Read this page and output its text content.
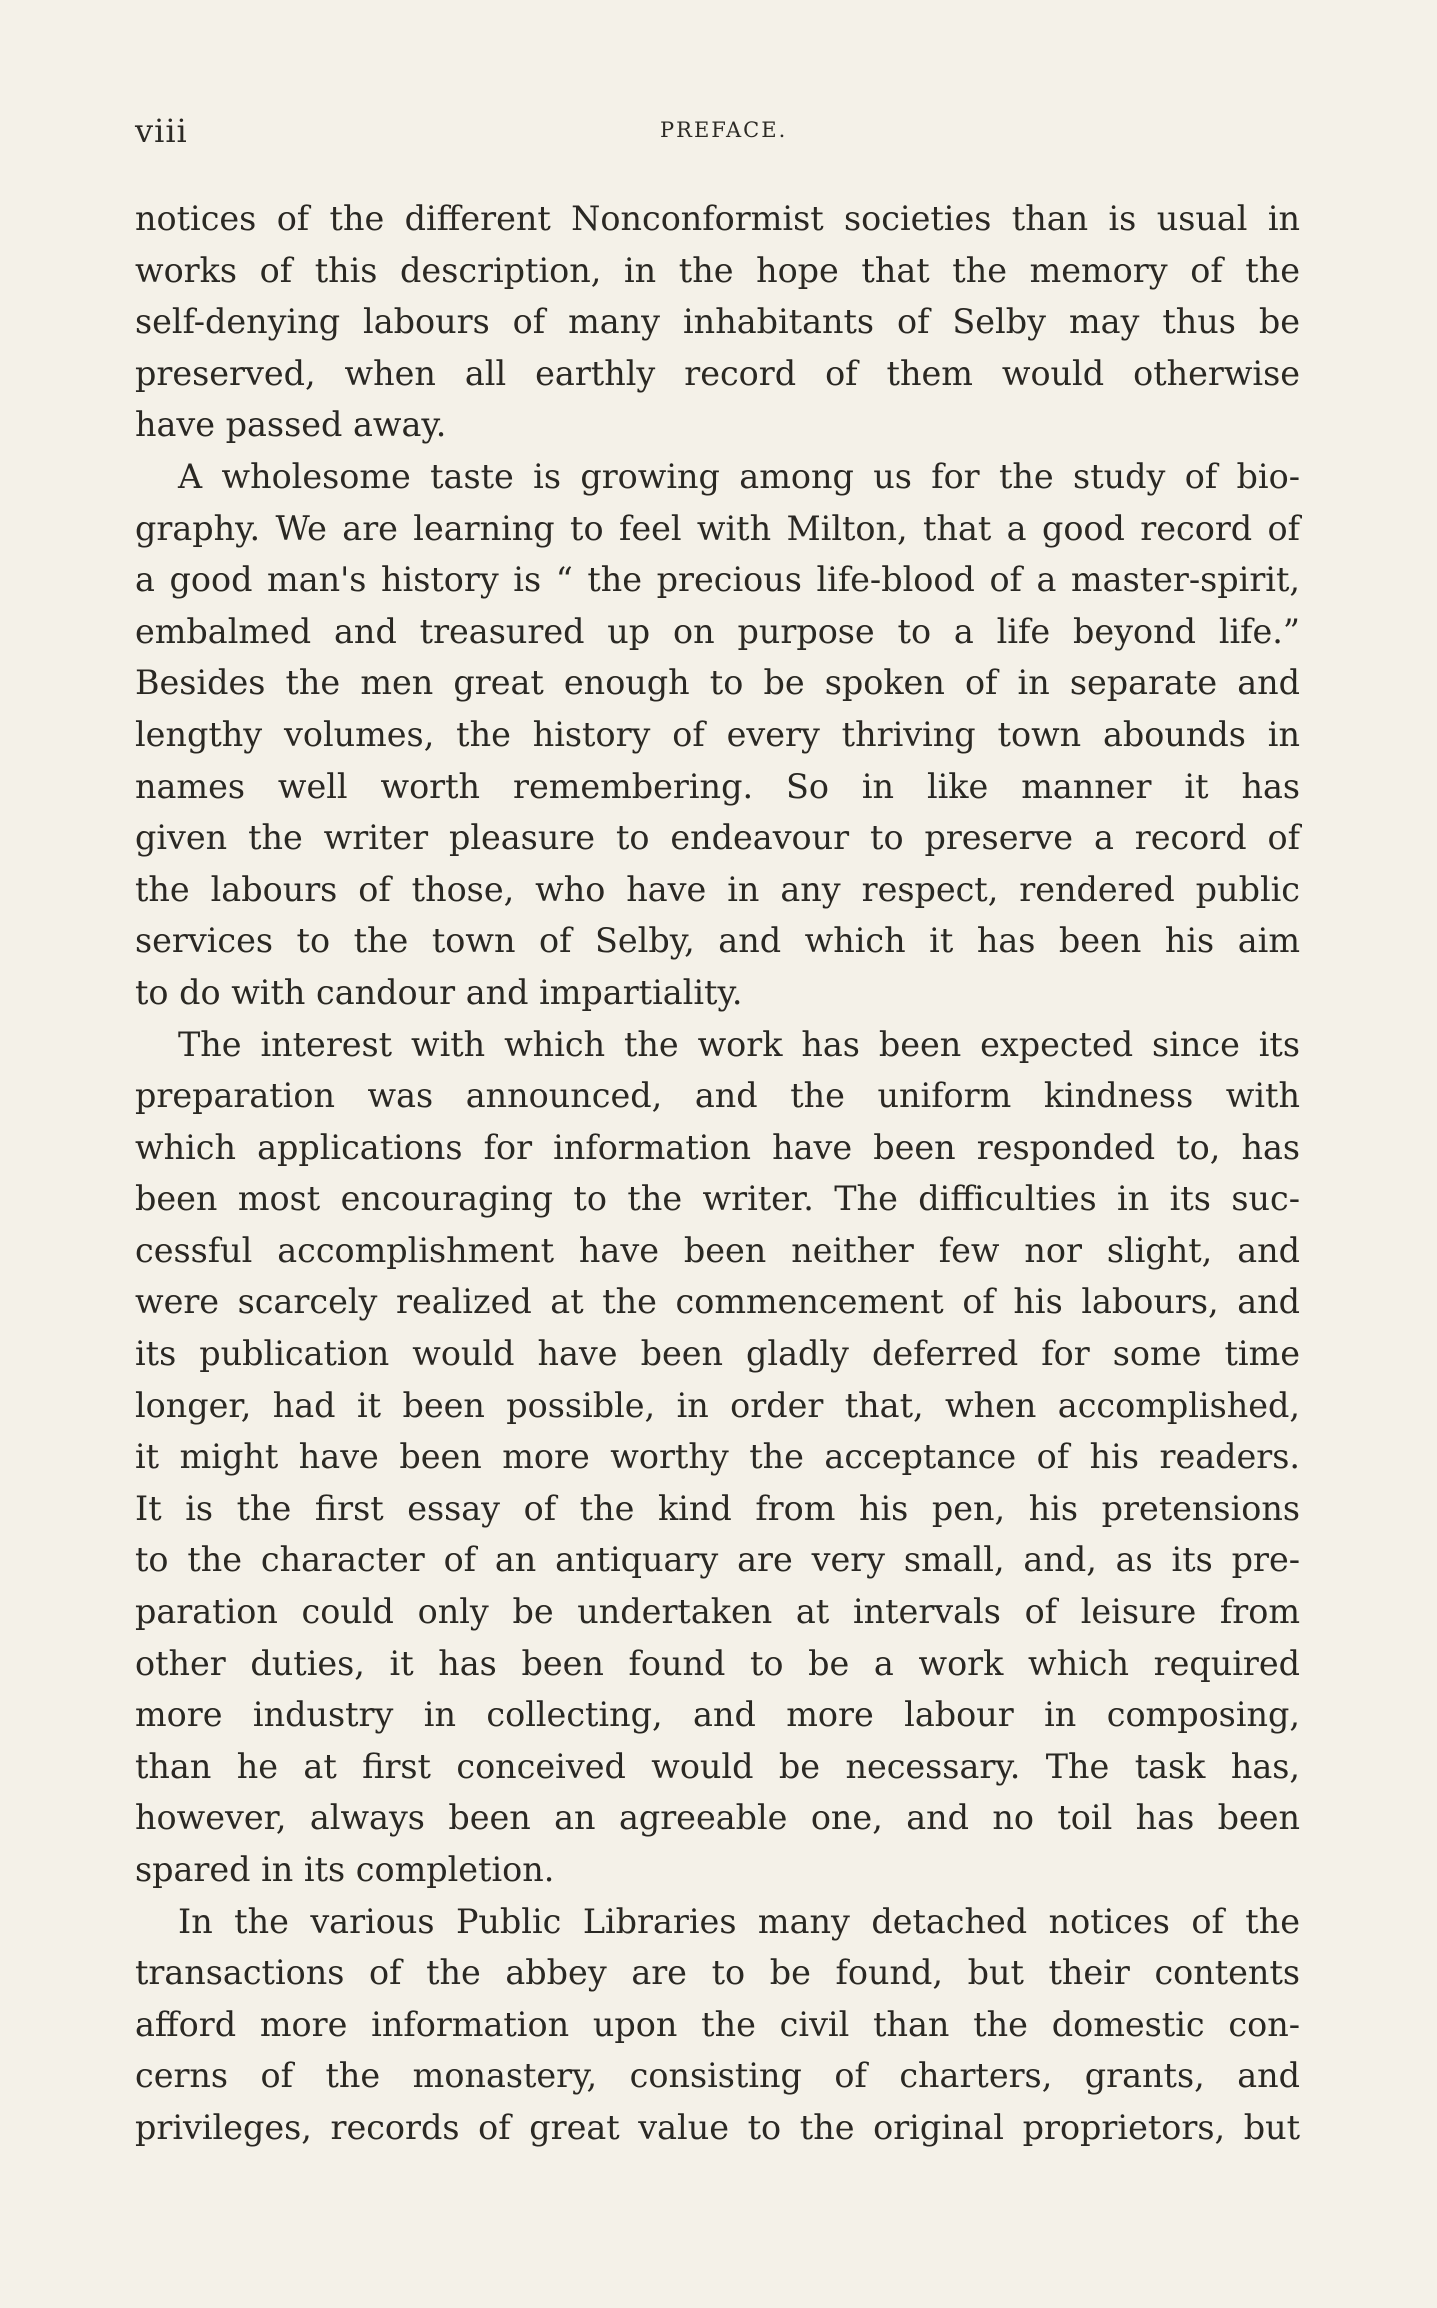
viii	PREFACE.
notices of the different Nonconformist societies than is usual in
works of this description, in the hope that the memory of the
self-denying labours of many inhabitants of Selby may thus be
preserved, when all earthly record of them would otherwise
have passed away.
A wholesome taste is growing among us for the study of bio-
graphy. We are learning to feel with Milton, that a good record of
a good man's history is “ the precious life-blood of a master-spirit,
embalmed and treasured up on purpose to a life beyond life.”
Besides the men great enough to be spoken of in separate and
lengthy volumes, the history of every thriving town abounds in
names well worth remembering. So in like manner it has
given the writer pleasure to endeavour to preserve a record of
the labours of those, who have in any respect, rendered public
services to the town of Selby, and which it has been his aim
to do with candour and impartiality.
The interest with which the work has been expected since its
preparation was announced, and the uniform kindness with
which applications for information have been responded to, has
been most encouraging to the writer. The difficulties in its suc-
cessful accomplishment have been neither few nor slight, and
were scarcely realized at the commencement of his labours, and
its publication would have been gladly deferred for some time
longer, had it been possible, in order that, when accomplished,
it might have been more worthy the acceptance of his readers.
It is the first essay of the kind from his pen, his pretensions
to the character of an antiquary are very small, and, as its pre-
paration could only be undertaken at intervals of leisure from
other duties, it has been found to be a work which required
more industry in collecting, and more labour in composing,
than he at first conceived would be necessary. The task has,
however, always been an agreeable one, and no toil has been
spared in its completion.
In the various Public Libraries many detached notices of the
transactions of the abbey are to be found, but their contents
afford more information upon the civil than the domestic con-
cerns of the monastery, consisting of charters, grants, and
privileges, records of great value to the original proprietors, but
